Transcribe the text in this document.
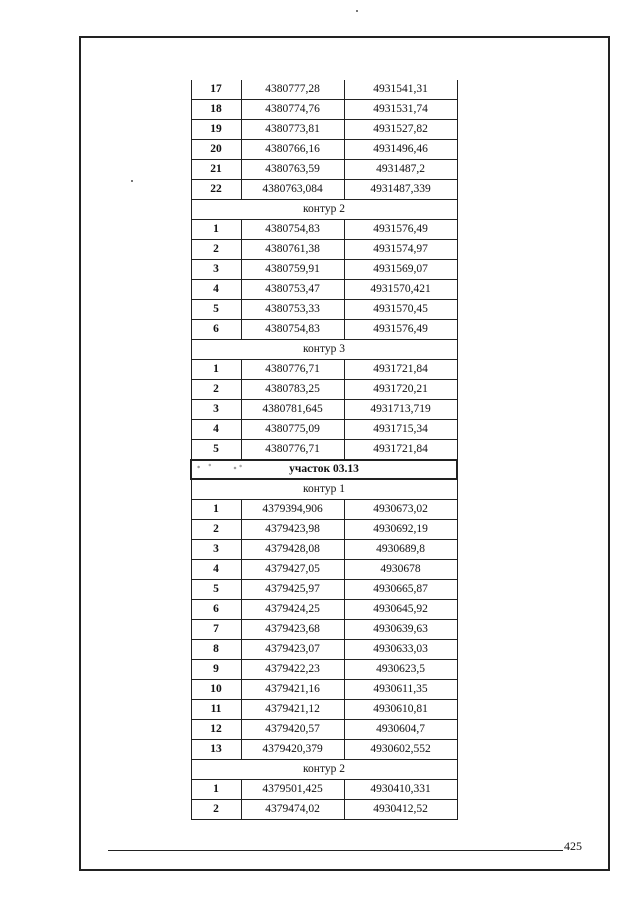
17	4380777,28	4931541,31
18	4380774,76	4931531,74
19	4380773,81	4931527,82
20	4380766,16	4931496,46
21	4380763,59	4931487,2
22	4380763,084	4931487,339
контур 2		
1	4380754,83	4931576,49
2	4380761,38	4931574,97
3	4380759,91	4931569,07
4	4380753,47	4931570,421
5	4380753,33	4931570,45
6	4380754,83	4931576,49
контур 3		
1	4380776,71	4931721,84
2	4380783,25	4931720,21
3	4380781,645	4931713,719
4	4380775,09	4931715,34
5	4380776,71	4931721,84
участок 03.13		
контур 1		
1	4379394,906	4930673,02
2	4379423,98	4930692,19
3	4379428,08	4930689,8
4	4379427,05	4930678
5	4379425,97	4930665,87
6	4379424,25	4930645,92
7	4379423,68	4930639,63
8	4379423,07	4930633,03
9	4379422,23	4930623,5
10	4379421,16	4930611,35
11	4379421,12	4930610,81
12	4379420,57	4930604,7
13	4379420,379	4930602,552
контур 2		
1	4379501,425	4930410,331
2	4379474,02	4930412,52
425
